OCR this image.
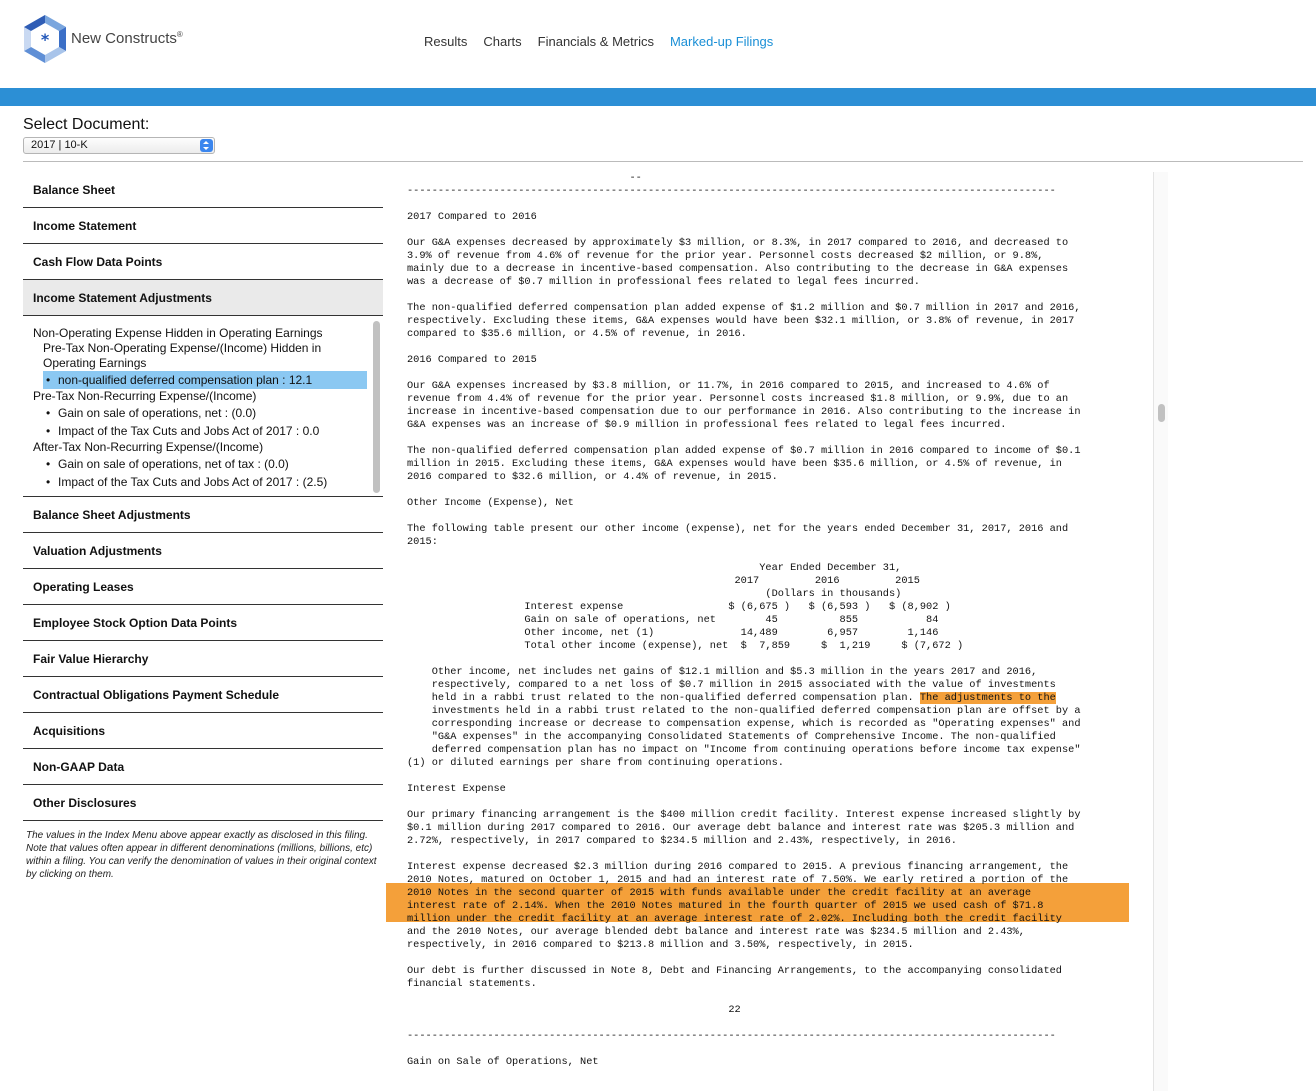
* New Constructs®	Results Charts Financials & Metrics Marked-up Filings
Select Document:
2017 | 10-K
Balance Sheet
Income Statement
Cash Flow Data Points
Income Statement Adjustments
Non-Operating Expense Hidden in Operating Earnings
Pre-Tax Non-Operating Expense/(Income) Hidden in
Operating Earnings
• non-qualified deferred compensation plan : 12.1
Pre-Tax Non-Recurring Expense/(Income)
• Gain on sale of operations, net : (0.0)
• Impact of the Tax Cuts and Jobs Act of 2017 : 0.0
After-Tax Non-Recurring Expense/(Income)
• Gain on sale of operations, net of tax : (0.0)
• Impact of the Tax Cuts and Jobs Act of 2017 : (2.5)
Balance Sheet Adjustments
Valuation Adjustments
Operating Leases
Employee Stock Option Data Points
Fair Value Hierarchy
Contractual Obligations Payment Schedule
Acquisitions
Non-GAAP Data
Other Disclosures

The values in the Index Menu above appear exactly as disclosed in this filing. Note that values often appear in different denominations (millions, billions, etc) within a filing. You can verify the denomination of values in their original context by clicking on them.

--
---------------------------------------------------------------------------------------------------------

2017 Compared to 2016

Our G&A expenses decreased by approximately $3 million, or 8.3%, in 2017 compared to 2016, and decreased to
3.9% of revenue from 4.6% of revenue for the prior year. Personnel costs decreased $2 million, or 9.8%,
mainly due to a decrease in incentive-based compensation. Also contributing to the decrease in G&A expenses
was a decrease of $0.7 million in professional fees related to legal fees incurred.

The non-qualified deferred compensation plan added expense of $1.2 million and $0.7 million in 2017 and 2016,
respectively. Excluding these items, G&A expenses would have been $32.1 million, or 3.8% of revenue, in 2017
compared to $35.6 million, or 4.5% of revenue, in 2016.

2016 Compared to 2015

Our G&A expenses increased by $3.8 million, or 11.7%, in 2016 compared to 2015, and increased to 4.6% of
revenue from 4.4% of revenue for the prior year. Personnel costs increased $1.8 million, or 9.9%, due to an
increase in incentive-based compensation due to our performance in 2016. Also contributing to the increase in
G&A expenses was an increase of $0.9 million in professional fees related to legal fees incurred.

The non-qualified deferred compensation plan added expense of $0.7 million in 2016 compared to income of $0.1
million in 2015. Excluding these items, G&A expenses would have been $35.6 million, or 4.5% of revenue, in
2016 compared to $32.6 million, or 4.4% of revenue, in 2015.

Other Income (Expense), Net

The following table present our other income (expense), net for the years ended December 31, 2017, 2016 and
2015:

Year Ended December 31,
2017         2016         2015
(Dollars in thousands)
Interest expense                 $ (6,675 )   $ (6,593 )   $ (8,902 )
Gain on sale of operations, net        45          855           84
Other income, net (1)              14,489        6,957        1,146
Total other income (expense), net  $  7,859     $  1,219     $ (7,672 )

Other income, net includes net gains of $12.1 million and $5.3 million in the years 2017 and 2016,
respectively, compared to a net loss of $0.7 million in 2015 associated with the value of investments
held in a rabbi trust related to the non-qualified deferred compensation plan. The adjustments to the
investments held in a rabbi trust related to the non-qualified deferred compensation plan are offset by a
corresponding increase or decrease to compensation expense, which is recorded as "Operating expenses" and
"G&A expenses" in the accompanying Consolidated Statements of Comprehensive Income. The non-qualified
deferred compensation plan has no impact on "Income from continuing operations before income tax expense"
(1) or diluted earnings per share from continuing operations.

Interest Expense

Our primary financing arrangement is the $400 million credit facility. Interest expense increased slightly by
$0.1 million during 2017 compared to 2016. Our average debt balance and interest rate was $205.3 million and
2.72%, respectively, in 2017 compared to $234.5 million and 2.43%, respectively, in 2016.

Interest expense decreased $2.3 million during 2016 compared to 2015. A previous financing arrangement, the
2010 Notes, matured on October 1, 2015 and had an interest rate of 7.50%. We early retired a portion of the
2010 Notes in the second quarter of 2015 with funds available under the credit facility at an average
interest rate of 2.14%. When the 2010 Notes matured in the fourth quarter of 2015 we used cash of $71.8
million under the credit facility at an average interest rate of 2.02%. Including both the credit facility
and the 2010 Notes, our average blended debt balance and interest rate was $234.5 million and 2.43%,
respectively, in 2016 compared to $213.8 million and 3.50%, respectively, in 2015.

Our debt is further discussed in Note 8, Debt and Financing Arrangements, to the accompanying consolidated
financial statements.

22

---------------------------------------------------------------------------------------------------------

Gain on Sale of Operations, Net
